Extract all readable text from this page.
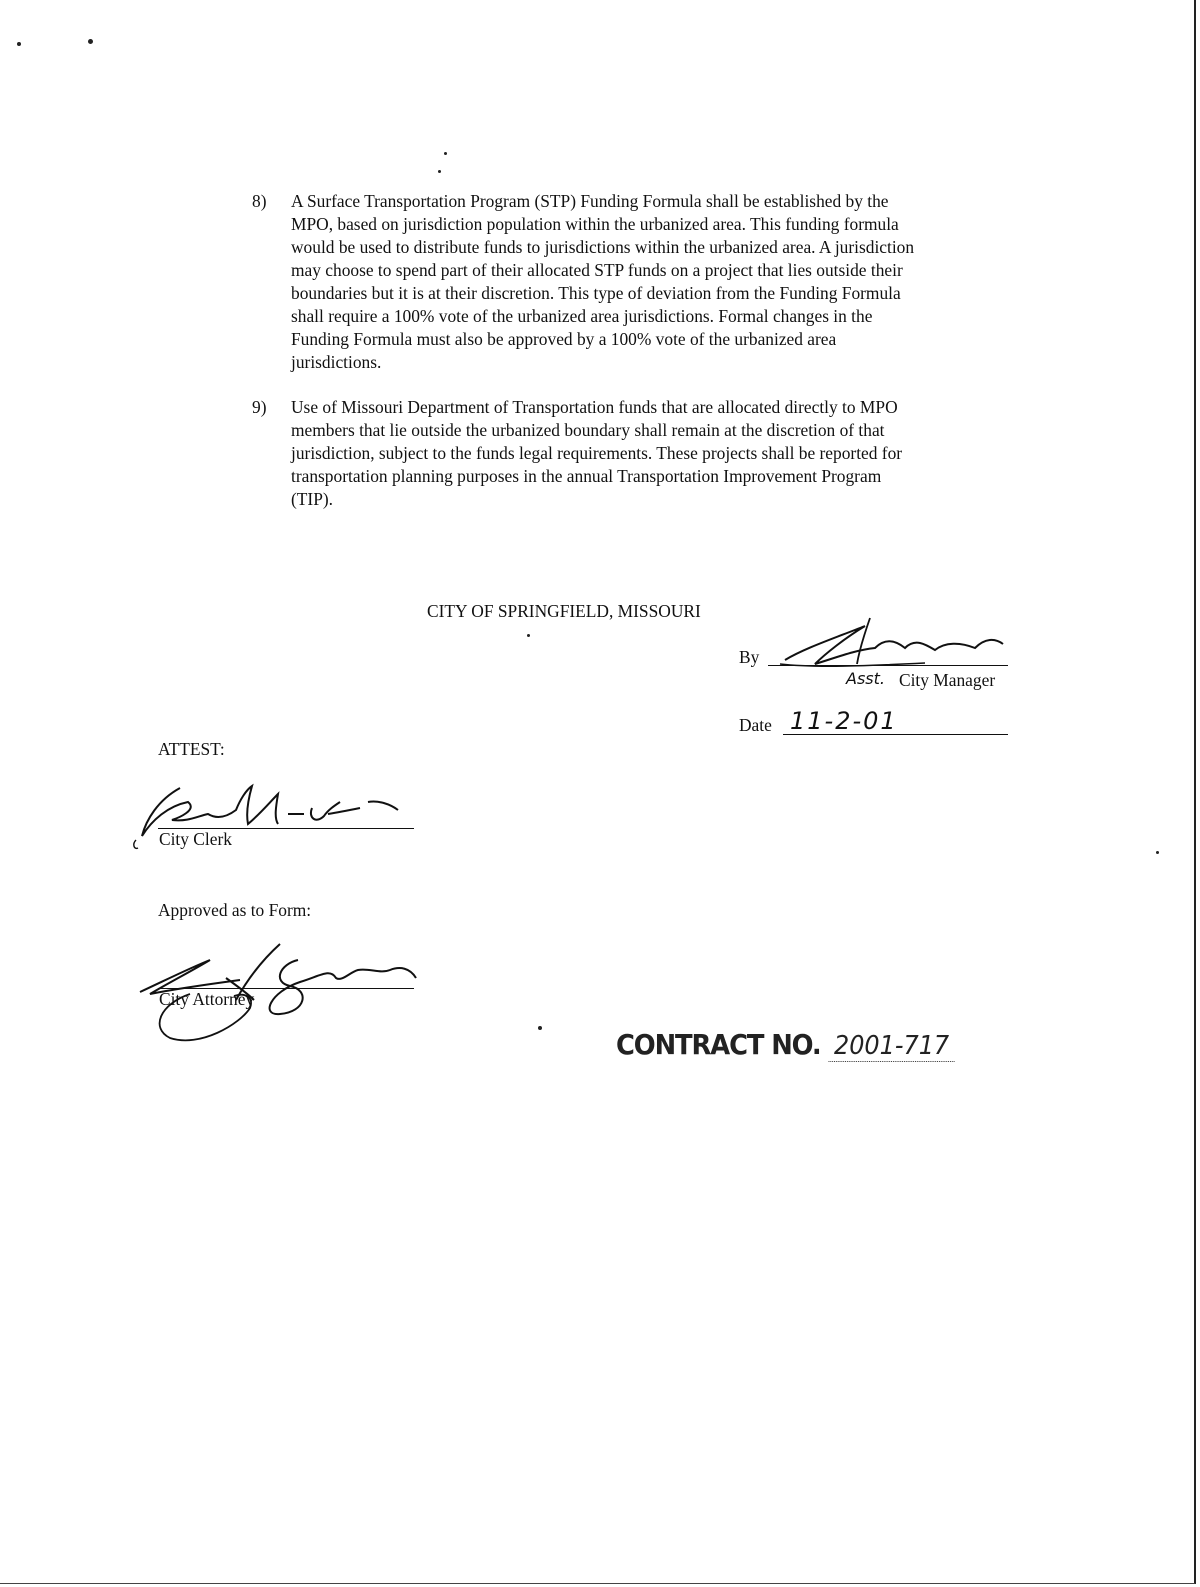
8) A Surface Transportation Program (STP) Funding Formula shall be established by the
MPO, based on jurisdiction population within the urbanized area. This funding formula
would be used to distribute funds to jurisdictions within the urbanized area. A jurisdiction
may choose to spend part of their allocated STP funds on a project that lies outside their
boundaries but it is at their discretion. This type of deviation from the Funding Formula
shall require a 100% vote of the urbanized area jurisdictions. Formal changes in the
Funding Formula must also be approved by a 100% vote of the urbanized area
jurisdictions.
9) Use of Missouri Department of Transportation funds that are allocated directly to MPO
members that lie outside the urbanized boundary shall remain at the discretion of that
jurisdiction, subject to the funds legal requirements. These projects shall be reported for
transportation planning purposes in the annual Transportation Improvement Program
(TIP).
CITY OF SPRINGFIELD, MISSOURI
By
Asst. City Manager
Date 11-2-01
ATTEST:
City Clerk
Approved as to Form:
City Attorney
CONTRACT NO. 2001-717
